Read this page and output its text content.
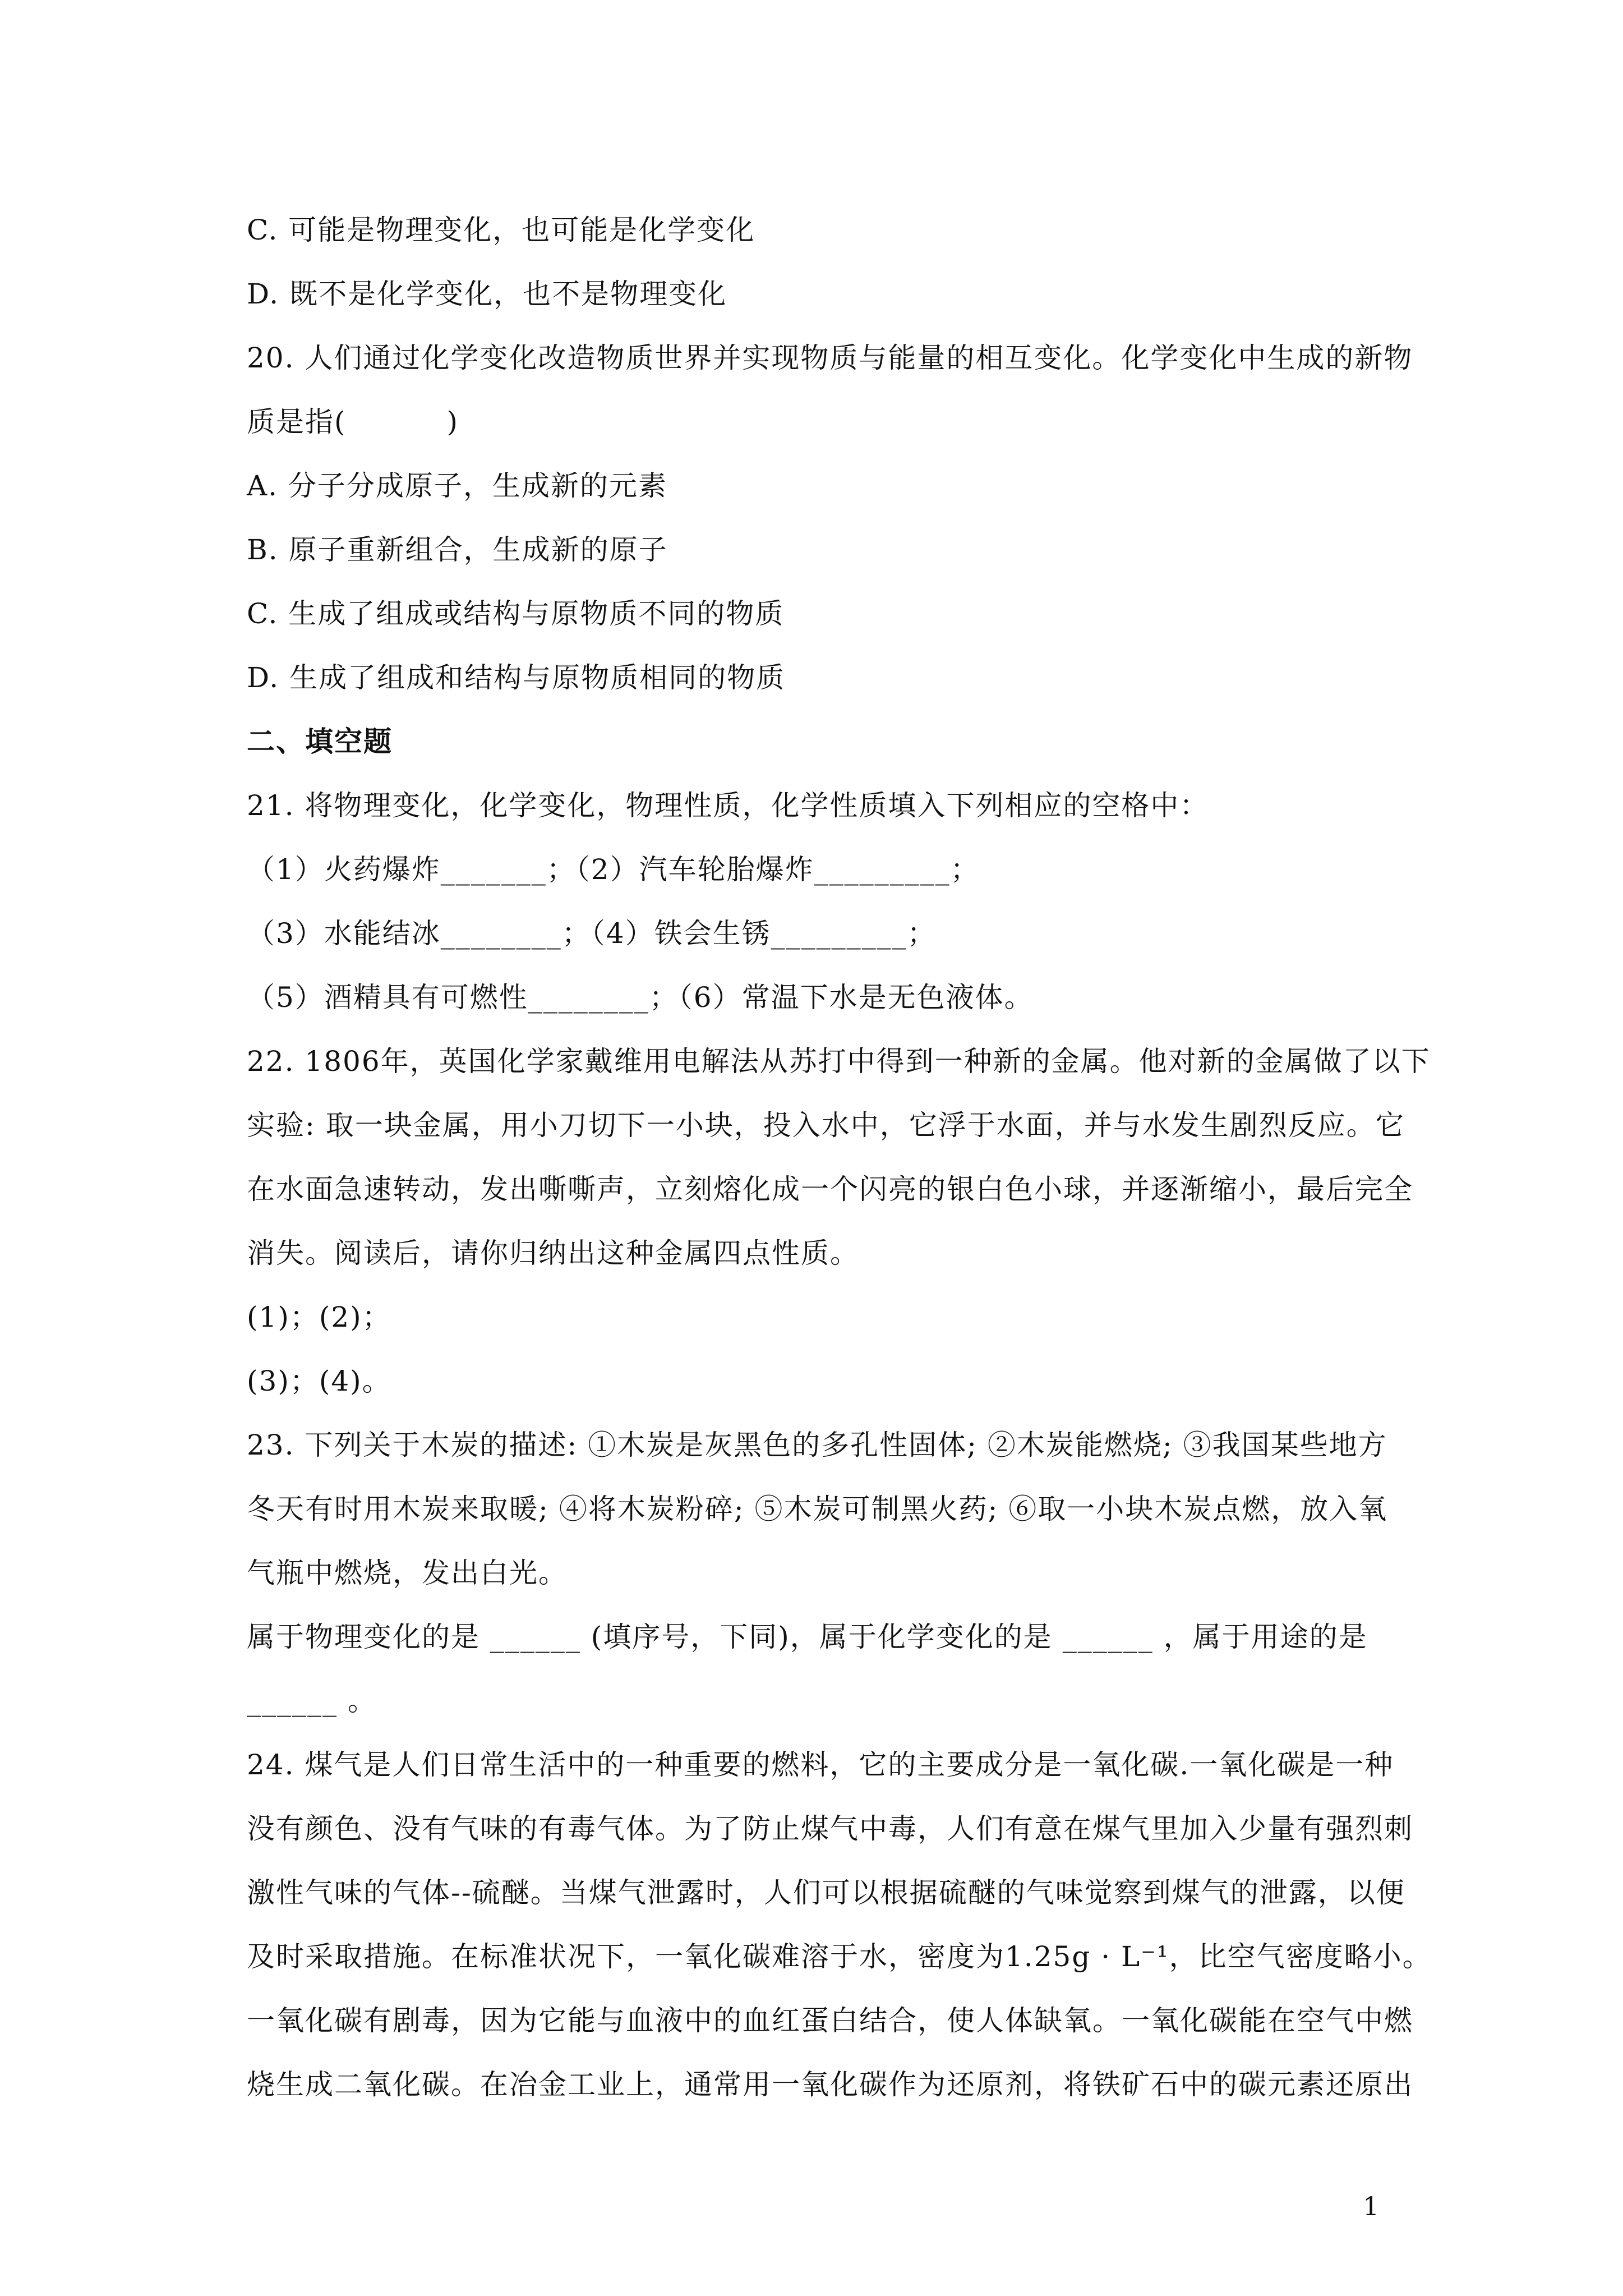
C. 可能是物理变化，也可能是化学变化
D. 既不是化学变化，也不是物理变化
20. 人们通过化学变化改造物质世界并实现物质与能量的相互变化。化学变化中生成的新物
质是指(          )
A. 分子分成原子，生成新的元素
B. 原子重新组合，生成新的原子
C. 生成了组成或结构与原物质不同的物质
D. 生成了组成和结构与原物质相同的物质
二、填空题
21. 将物理变化，化学变化，物理性质，化学性质填入下列相应的空格中：
（1）火药爆炸_______；（2）汽车轮胎爆炸_________；
（3）水能结冰________；（4）铁会生锈_________；
（5）酒精具有可燃性________；（6）常温下水是无色液体。
22. 1806年，英国化学家戴维用电解法从苏打中得到一种新的金属。他对新的金属做了以下
实验: 取一块金属，用小刀切下一小块，投入水中，它浮于水面，并与水发生剧烈反应。它
在水面急速转动，发出嘶嘶声，立刻熔化成一个闪亮的银白色小球，并逐渐缩小，最后完全
消失。阅读后，请你归纳出这种金属四点性质。
(1)；(2)；
(3)；(4)。
23. 下列关于木炭的描述: ①木炭是灰黑色的多孔性固体; ②木炭能燃烧; ③我国某些地方
冬天有时用木炭来取暖; ④将木炭粉碎; ⑤木炭可制黑火药; ⑥取一小块木炭点燃，放入氧
气瓶中燃烧，发出白光。
属于物理变化的是 ______ (填序号，下同)，属于化学变化的是 ______ ，属于用途的是
______ 。
24. 煤气是人们日常生活中的一种重要的燃料，它的主要成分是一氧化碳.一氧化碳是一种
没有颜色、没有气味的有毒气体。为了防止煤气中毒，人们有意在煤气里加入少量有强烈刺
激性气味的气体--硫醚。当煤气泄露时，人们可以根据硫醚的气味觉察到煤气的泄露，以便
及时采取措施。在标准状况下，一氧化碳难溶于水，密度为1.25g · L⁻¹，比空气密度略小。
一氧化碳有剧毒，因为它能与血液中的血红蛋白结合，使人体缺氧。一氧化碳能在空气中燃
烧生成二氧化碳。在冶金工业上，通常用一氧化碳作为还原剂，将铁矿石中的碳元素还原出
1
